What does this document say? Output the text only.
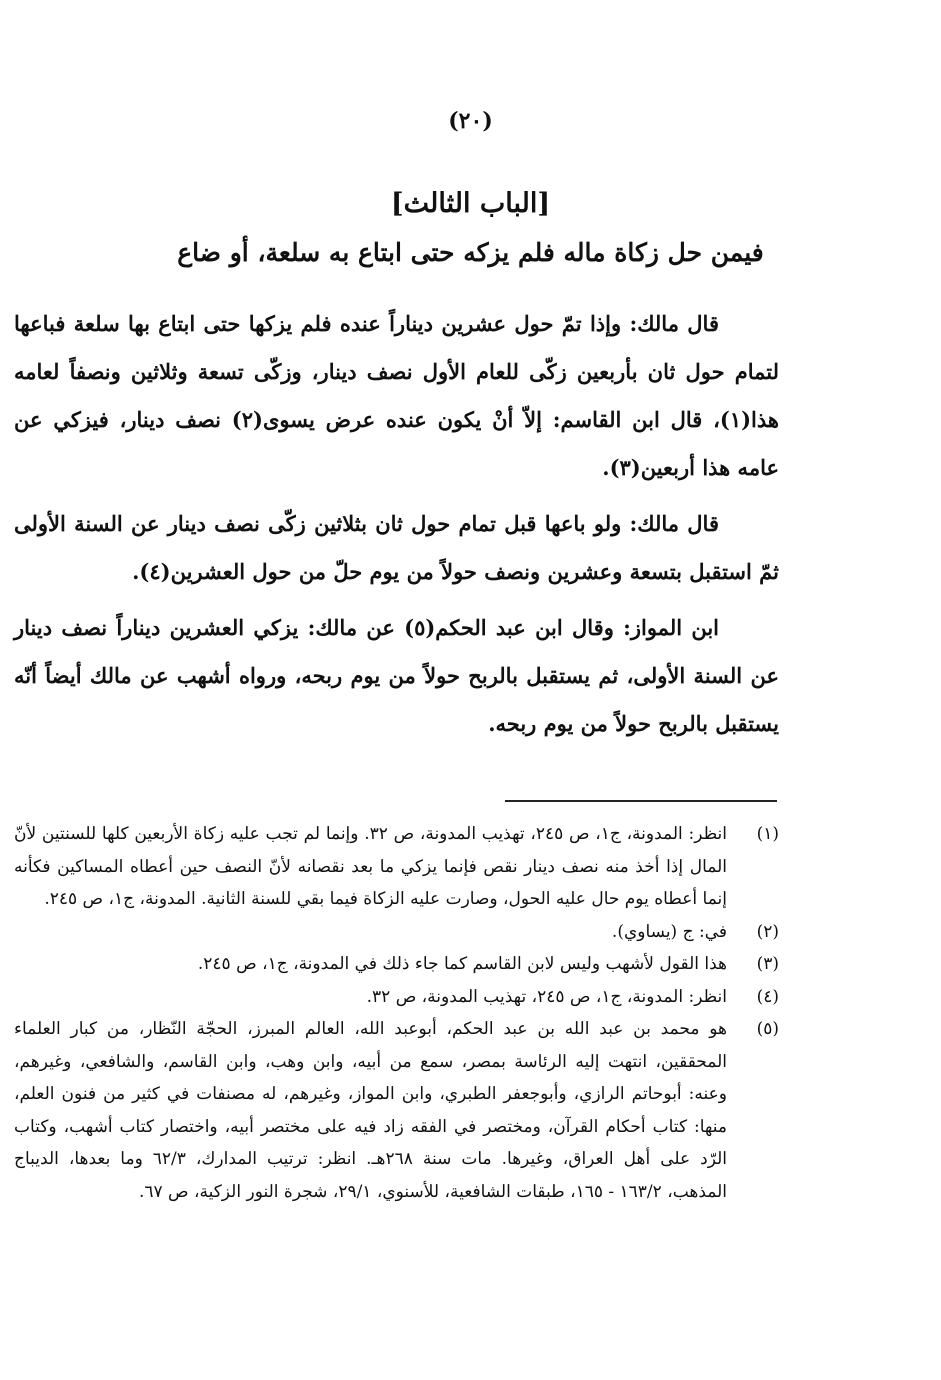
(٢٠)
[الباب الثالث]
فيمن حل زكاة ماله فلم يزكه حتى ابتاع به سلعة، أو ضاع

قال مالك: وإذا تمّ حول عشرين ديناراً عنده فلم يزكها حتى ابتاع بها سلعة فباعها لتمام حول ثان بأربعين زكّى للعام الأول نصف دينار، وزكّى تسعة وثلاثين ونصفاً لعامه هذا(١)، قال ابن القاسم: إلاّ أنْ يكون عنده عرض يسوى(٢) نصف دينار، فيزكي عن عامه هذا أربعين(٣).

قال مالك: ولو باعها قبل تمام حول ثان بثلاثين زكّى نصف دينار عن السنة الأولى ثمّ استقبل بتسعة وعشرين ونصف حولاً من يوم حلّ من حول العشرين(٤).

ابن المواز: وقال ابن عبد الحكم(٥) عن مالك: يزكي العشرين ديناراً نصف دينار عن السنة الأولى، ثم يستقبل بالربح حولاً من يوم ربحه، ورواه أشهب عن مالك أيضاً أنّه يستقبل بالربح حولاً من يوم ربحه.

(١)
انظر: المدونة، ج١، ص ٢٤٥، تهذيب المدونة، ص ٣٢. وإنما لم تجب عليه زكاة الأربعين كلها للسنتين لأنّ المال إذا أخذ منه نصف دينار نقص فإنما يزكي ما بعد نقصانه لأنّ النصف حين أعطاه المساكين فكأنه إنما أعطاه يوم حال عليه الحول، وصارت عليه الزكاة فيما بقي للسنة الثانية. المدونة، ج١، ص ٢٤٥.
(٢)
في: ج (يساوي).
(٣)
هذا القول لأشهب وليس لابن القاسم كما جاء ذلك في المدونة، ج١، ص ٢٤٥.
(٤)
انظر: المدونة، ج١، ص ٢٤٥، تهذيب المدونة، ص ٣٢.
(٥)
هو محمد بن عبد الله بن عبد الحكم، أبوعبد الله، العالم المبرز، الحجّة النّظار، من كبار العلماء المحققين، انتهت إليه الرئاسة بمصر، سمع من أبيه، وابن وهب، وابن القاسم، والشافعي، وغيرهم، وعنه: أبوحاتم الرازي، وأبوجعفر الطبري، وابن المواز، وغيرهم، له مصنفات في كثير من فنون العلم، منها: كتاب أحكام القرآن، ومختصر في الفقه زاد فيه على مختصر أبيه، واختصار كتاب أشهب، وكتاب الرّد على أهل العراق، وغيرها. مات سنة ٢٦٨هـ. انظر: ترتيب المدارك، ٦٢/٣ وما بعدها، الديباج المذهب، ١٦٣/٢ - ١٦٥، طبقات الشافعية، للأسنوي، ٢٩/١، شجرة النور الزكية، ص ٦٧.
